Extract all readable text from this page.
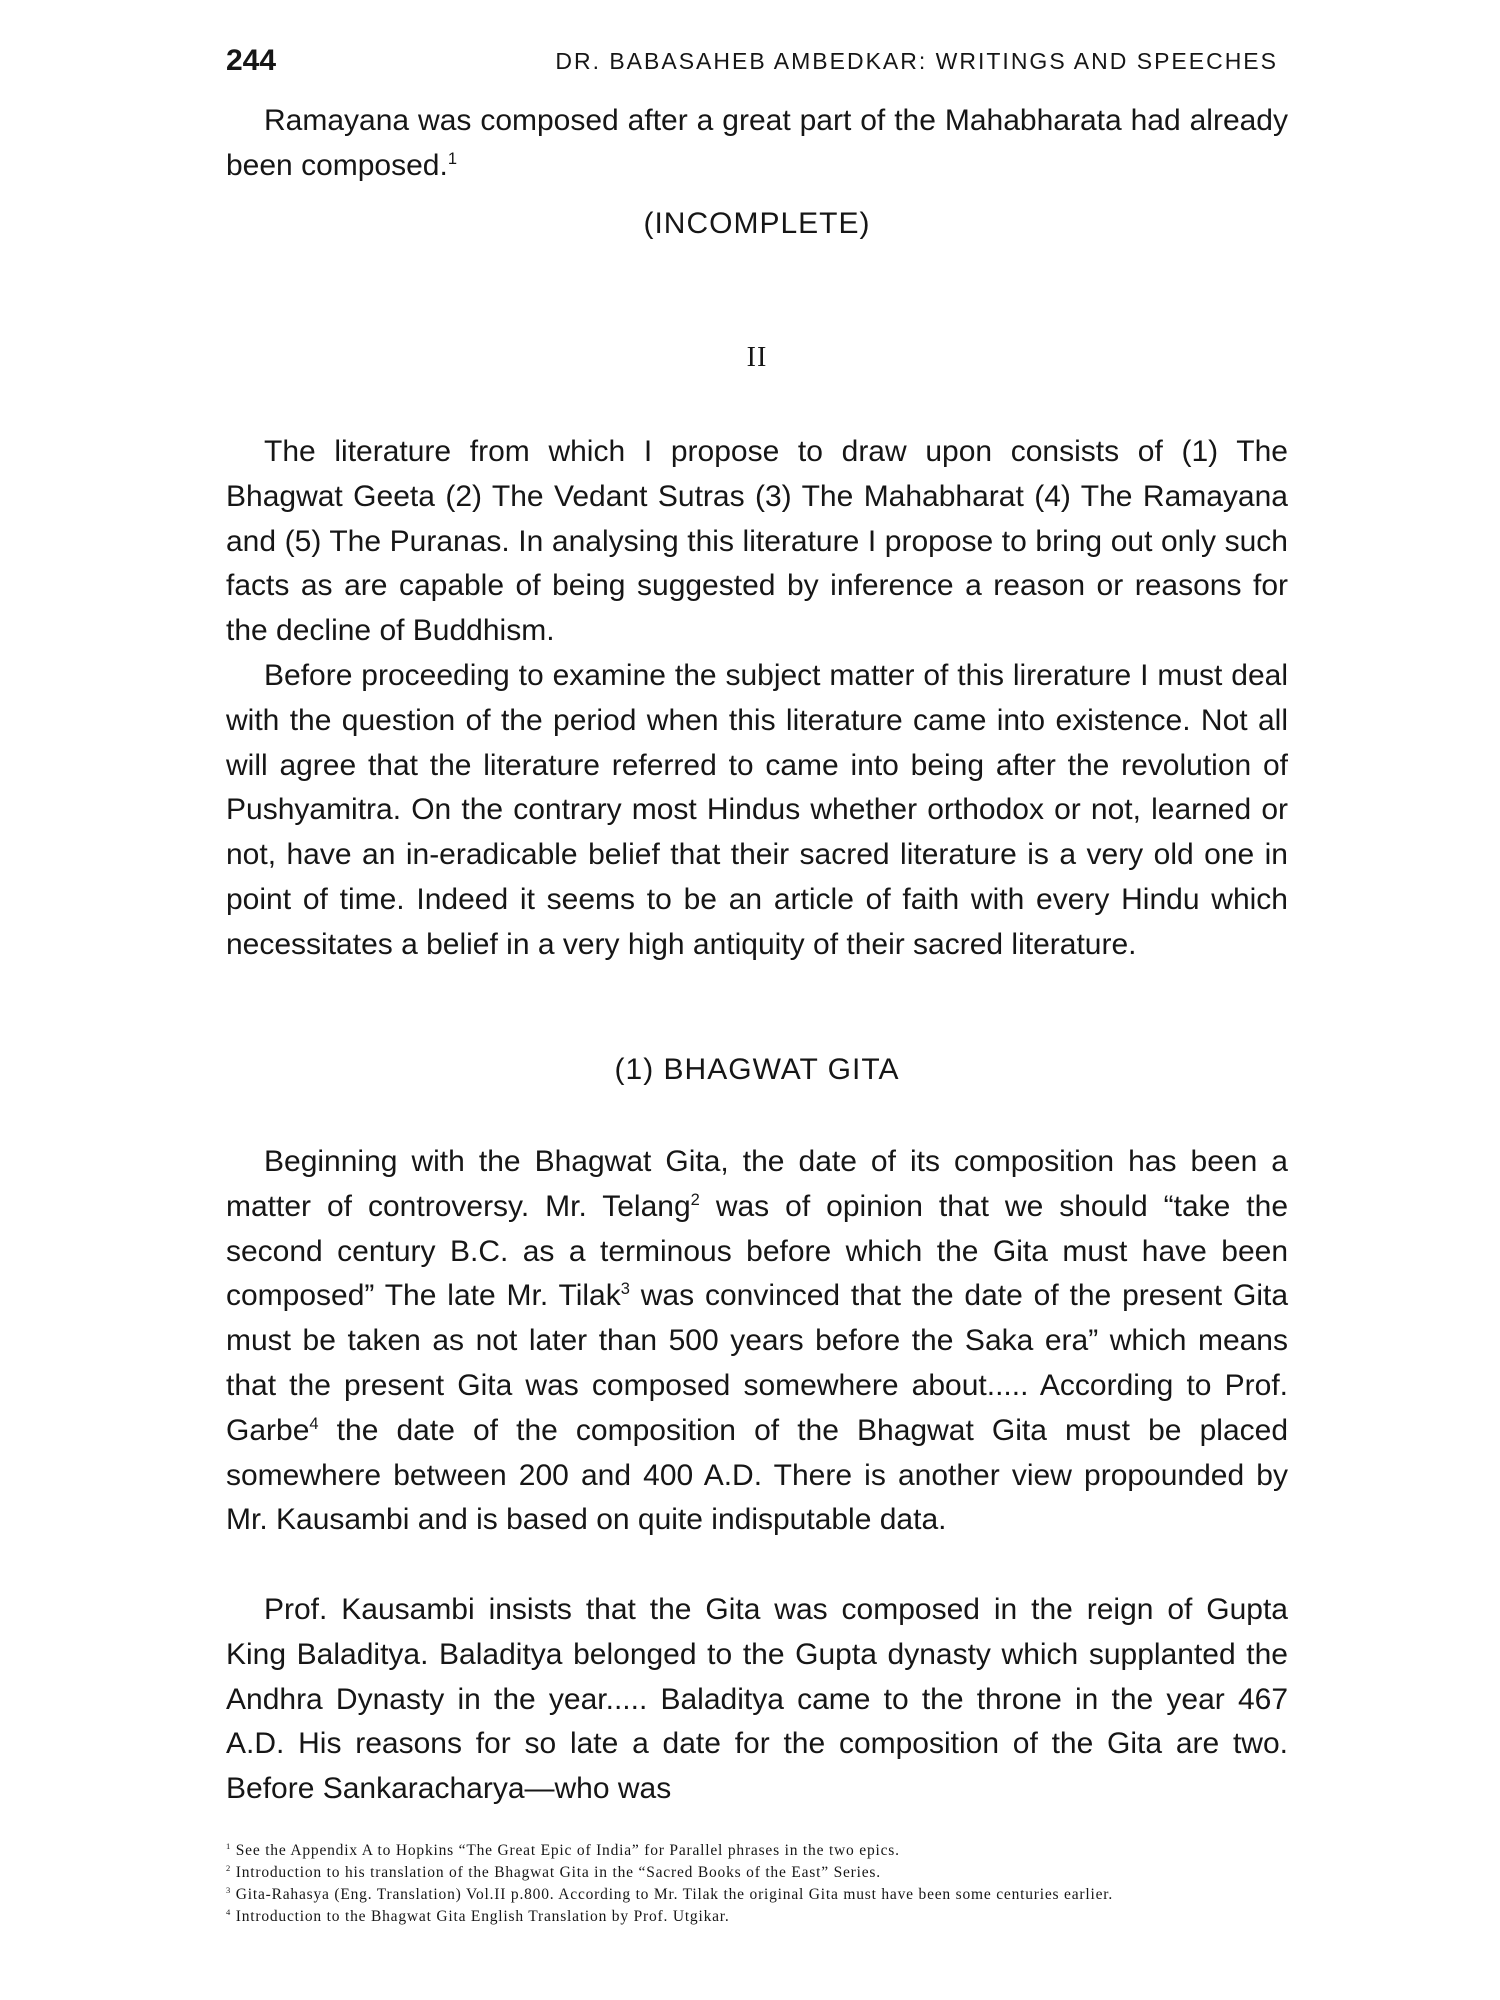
244	DR. BABASAHEB AMBEDKAR: WRITINGS AND SPEECHES

Ramayana was composed after a great part of the Mahabharata had already been composed.$^1$

(INCOMPLETE)
II

The literature from which I propose to draw upon consists of (1) The Bhagwat Geeta (2) The Vedant Sutras (3) The Mahabharat (4) The Ramayana and (5) The Puranas. In analysing this literature I propose to bring out only such facts as are capable of being suggested by inference a reason or reasons for the decline of Buddhism.

Before proceeding to examine the subject matter of this lirerature I must deal with the question of the period when this literature came into existence. Not all will agree that the literature referred to came into being after the revolution of Pushyamitra. On the contrary most Hindus whether orthodox or not, learned or not, have an in-eradicable belief that their sacred literature is a very old one in point of time. Indeed it seems to be an article of faith with every Hindu which necessitates a belief in a very high antiquity of their sacred literature.

(1) BHAGWAT GITA

Beginning with the Bhagwat Gita, the date of its composition has been a matter of controversy. Mr. Telang$^2$ was of opinion that we should “take the second century B.C. as a terminous before which the Gita must have been composed” The late Mr. Tilak$^3$ was convinced that the date of the present Gita must be taken as not later than 500 years before the Saka era” which means that the present Gita was composed somewhere about..... According to Prof. Garbe$^4$ the date of the composition of the Bhagwat Gita must be placed somewhere between 200 and 400 A.D. There is another view propounded by Mr. Kausambi and is based on quite indisputable data.

Prof. Kausambi insists that the Gita was composed in the reign of Gupta King Baladitya. Baladitya belonged to the Gupta dynasty which supplanted the Andhra Dynasty in the year..... Baladitya came to the throne in the year 467 A.D. His reasons for so late a date for the composition of the Gita are two. Before Sankaracharya—who was

$^1$ See the Appendix A to Hopkins “The Great Epic of India” for Parallel phrases in the two epics.

$^2$ Introduction to his translation of the Bhagwat Gita in the “Sacred Books of the East” Series.

$^3$ Gita-Rahasya (Eng. Translation) Vol.II p.800. According to Mr. Tilak the original Gita must have been some centuries earlier.

$^4$ Introduction to the Bhagwat Gita English Translation by Prof. Utgikar.
